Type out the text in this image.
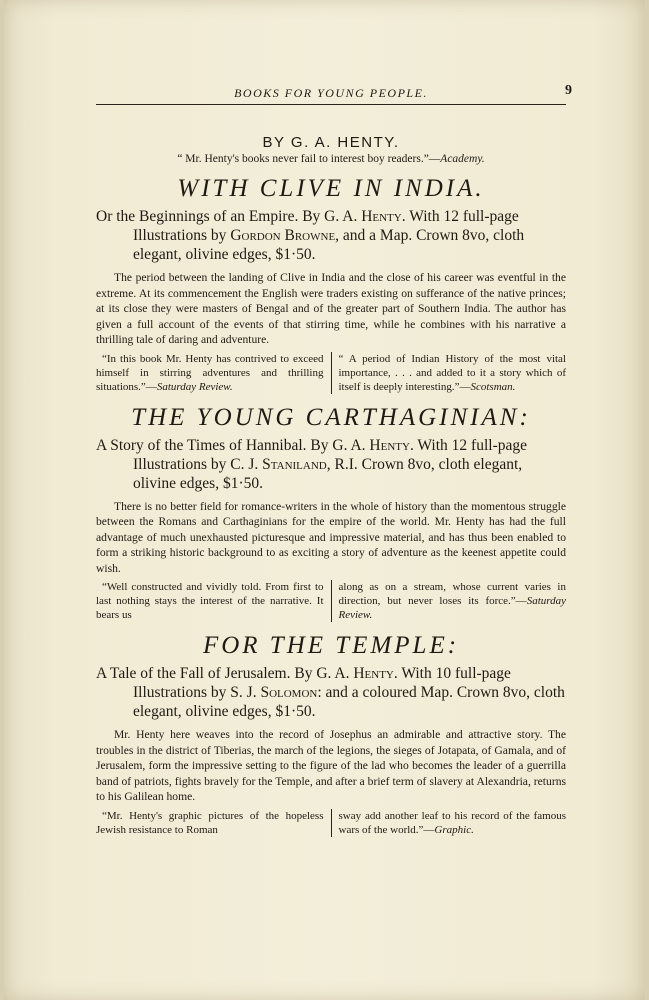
BOOKS FOR YOUNG PEOPLE.	9

BY G. A. HENTY.

“ Mr. Henty's books never fail to interest boy readers.”—Academy.

WITH CLIVE IN INDIA.

Or the Beginnings of an Empire. By G. A. Henty. With 12 full-page Illustrations by Gordon Browne, and a Map. Crown 8vo, cloth elegant, olivine edges, $1·50.

The period between the landing of Clive in India and the close of his career was eventful in the extreme. At its commencement the English were traders existing on sufferance of the native princes; at its close they were masters of Bengal and of the greater part of Southern India. The author has given a full account of the events of that stirring time, while he combines with his narrative a thrilling tale of daring and adventure.

“In this book Mr. Henty has contrived to exceed himself in stirring adventures and thrilling situations.”—Saturday Review.

“ A period of Indian History of the most vital importance, . . . and added to it a story which of itself is deeply interesting.”—Scotsman.

THE YOUNG CARTHAGINIAN:

A Story of the Times of Hannibal. By G. A. Henty. With 12 full-page Illustrations by C. J. Staniland, R.I. Crown 8vo, cloth elegant, olivine edges, $1·50.

There is no better field for romance-writers in the whole of history than the momentous struggle between the Romans and Carthaginians for the empire of the world. Mr. Henty has had the full advantage of much unexhausted picturesque and impressive material, and has thus been enabled to form a striking historic background to as exciting a story of adventure as the keenest appetite could wish.

“Well constructed and vividly told. From first to last nothing stays the interest of the narrative. It bears us

along as on a stream, whose current varies in direction, but never loses its force.”—Saturday Review.

FOR THE TEMPLE:

A Tale of the Fall of Jerusalem. By G. A. Henty. With 10 full-page Illustrations by S. J. Solomon: and a coloured Map. Crown 8vo, cloth elegant, olivine edges, $1·50.

Mr. Henty here weaves into the record of Josephus an admirable and attractive story. The troubles in the district of Tiberias, the march of the legions, the sieges of Jotapata, of Gamala, and of Jerusalem, form the impressive setting to the figure of the lad who becomes the leader of a guerrilla band of patriots, fights bravely for the Temple, and after a brief term of slavery at Alexandria, returns to his Galilean home.

“Mr. Henty's graphic pictures of the hopeless Jewish resistance to Roman

sway add another leaf to his record of the famous wars of the world.”—Graphic.
